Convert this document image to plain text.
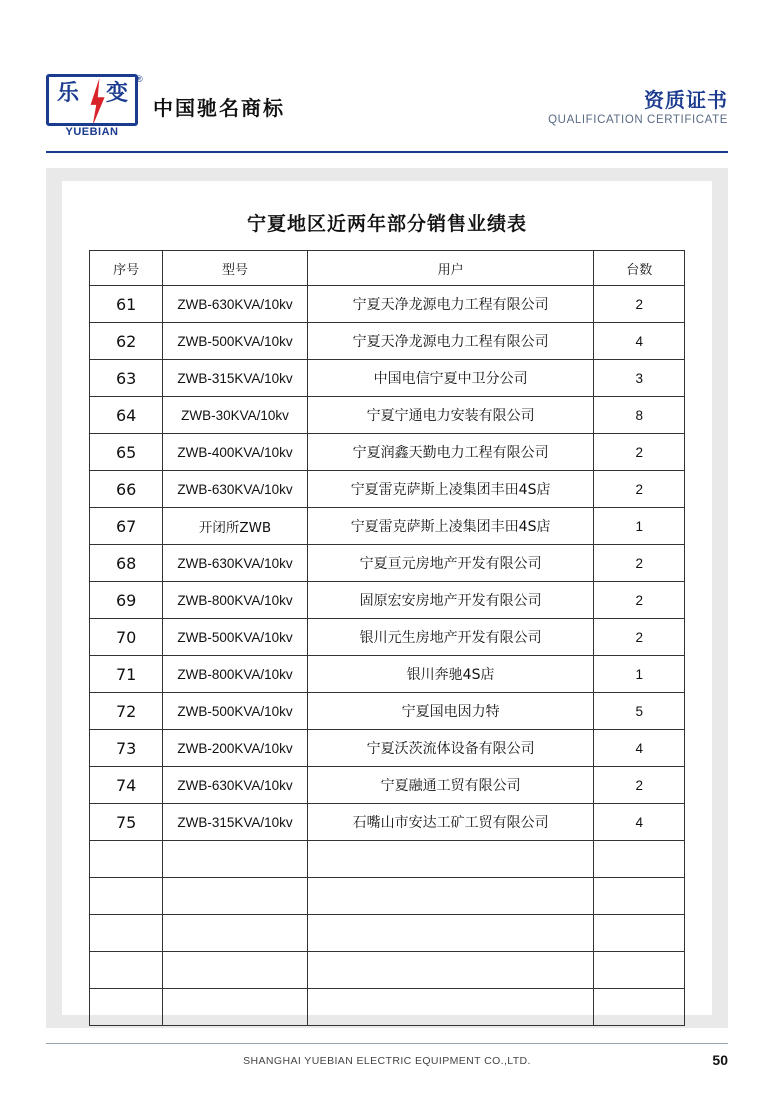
乐 变
YUEBIAN
®
中国驰名商标	资质证书
QUALIFICATION CERTIFICATE
宁夏地区近两年部分销售业绩表
序号	型号	用户	台数
61	ZWB-630KVA/10kv	宁夏天净龙源电力工程有限公司	2
62	ZWB-500KVA/10kv	宁夏天净龙源电力工程有限公司	4
63	ZWB-315KVA/10kv	中国电信宁夏中卫分公司	3
64	ZWB-30KVA/10kv	宁夏宁通电力安装有限公司	8
65	ZWB-400KVA/10kv	宁夏润鑫天勤电力工程有限公司	2
66	ZWB-630KVA/10kv	宁夏雷克萨斯上凌集团丰田4S店	2
67	开闭所ZWB	宁夏雷克萨斯上凌集团丰田4S店	1
68	ZWB-630KVA/10kv	宁夏亘元房地产开发有限公司	2
69	ZWB-800KVA/10kv	固原宏安房地产开发有限公司	2
70	ZWB-500KVA/10kv	银川元生房地产开发有限公司	2
71	ZWB-800KVA/10kv	银川奔驰4S店	1
72	ZWB-500KVA/10kv	宁夏国电因力特	5
73	ZWB-200KVA/10kv	宁夏沃茨流体设备有限公司	4
74	ZWB-630KVA/10kv	宁夏融通工贸有限公司	2
75	ZWB-315KVA/10kv	石嘴山市安达工矿工贸有限公司	4

SHANGHAI YUEBIAN ELECTRIC EQUIPMENT CO.,LTD.	50
